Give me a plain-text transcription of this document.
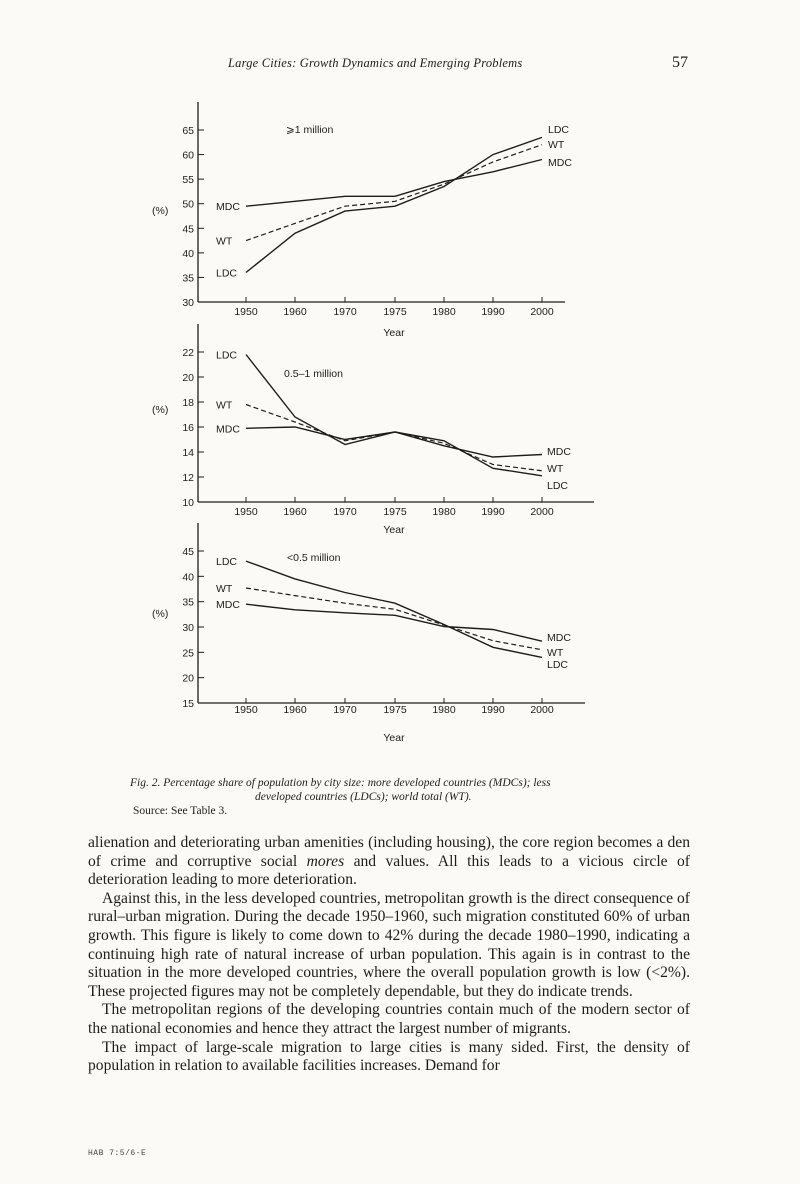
Large Cities: Growth Dynamics and Emerging Problems	57
30
35
40
45
50
55
60
65
1950 1960	1970	1975 1980 1990 2000
Year
(%)
⩾1 million
MDC
WT
LDC
LDC
WT
MDC
10
12
14
16
18
20
22
1950 1960	1970	1975 1980 1990 2000
Year
(%)
0.5–1 million
MDC
WT
LDC
MDC
WT
LDC
15
20
25
30
35
40
45
1950 1960	1970	1975 1980 1990 2000
Year
(%)
<0.5 million
MDC
WT
LDC
MDC
WT
LDC
Fig. 2. Percentage share of population by city size: more developed countries (MDCs); less
developed countries (LDCs); world total (WT).
Source: See Table 3.

alienation and deteriorating urban amenities (including housing), the core region becomes a den of crime and corruptive social mores and values. All this leads to a vicious circle of deterioration leading to more deterioration.

Against this, in the less developed countries, metropolitan growth is the direct consequence of rural–urban migration. During the decade 1950–1960, such migration constituted 60% of urban growth. This figure is likely to come down to 42% during the decade 1980–1990, indicating a continuing high rate of natural increase of urban population. This again is in contrast to the situation in the more developed countries, where the overall population growth is low (<2%). These projected figures may not be completely dependable, but they do indicate trends.

The metropolitan regions of the developing countries contain much of the modern sector of the national economies and hence they attract the largest number of migrants.

The impact of large-scale migration to large cities is many sided. First, the density of population in relation to available facilities increases. Demand for

HAB 7:5/6-E
